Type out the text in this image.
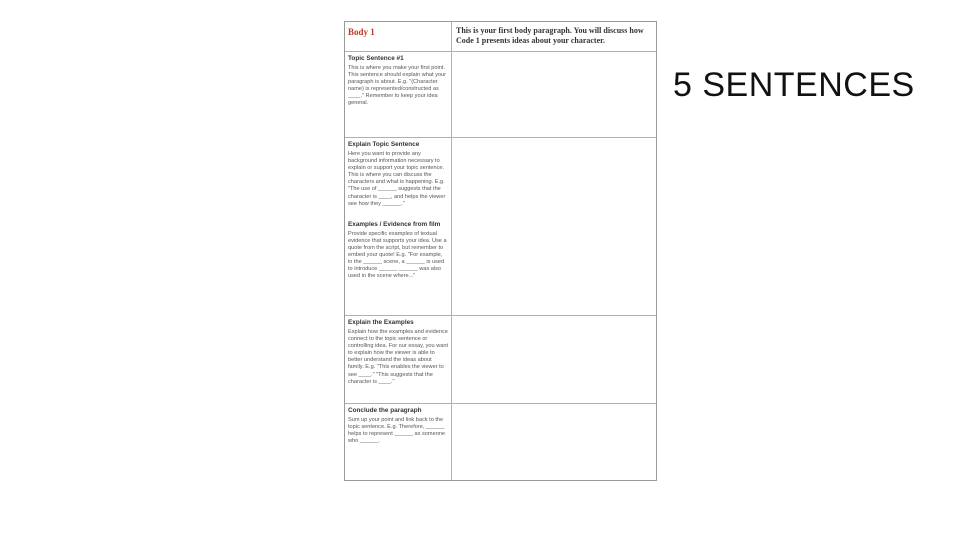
5 SENTENCES
Body 1	This is your first body paragraph. You will discuss how Code 1 presents ideas about your character.
Topic Sentence #1
This is where you make your first point. This sentence should explain what your paragraph is about. E.g. "(Character name) is represented/constructed as ____." Remember to keep your idea general.
Explain Topic Sentence
Here you want to provide any background information necessary to explain or support your topic sentence. This is where you can discuss the characters and what is happening. E.g. "The use of ______ suggests that the character is ____, and helps the viewer see how they ______."
Examples / Evidence from film
Provide specific examples of textual evidence that supports your idea. Use a quote from the script, but remember to embed your quote! E.g. "For example, in the ______ scene, a ______ is used to introduce ______ ______ was also used in the scene where..."
Explain the Examples
Explain how the examples and evidence connect to the topic sentence or controlling idea. For our essay, you want to explain how the viewer is able to better understand the ideas about family. E.g. "This enables the viewer to see ____." "This suggests that the character is ____."
Conclude the paragraph
Sum up your point and link back to the topic sentence. E.g. Therefore, ______ helps to represent ______ as someone who ______.
